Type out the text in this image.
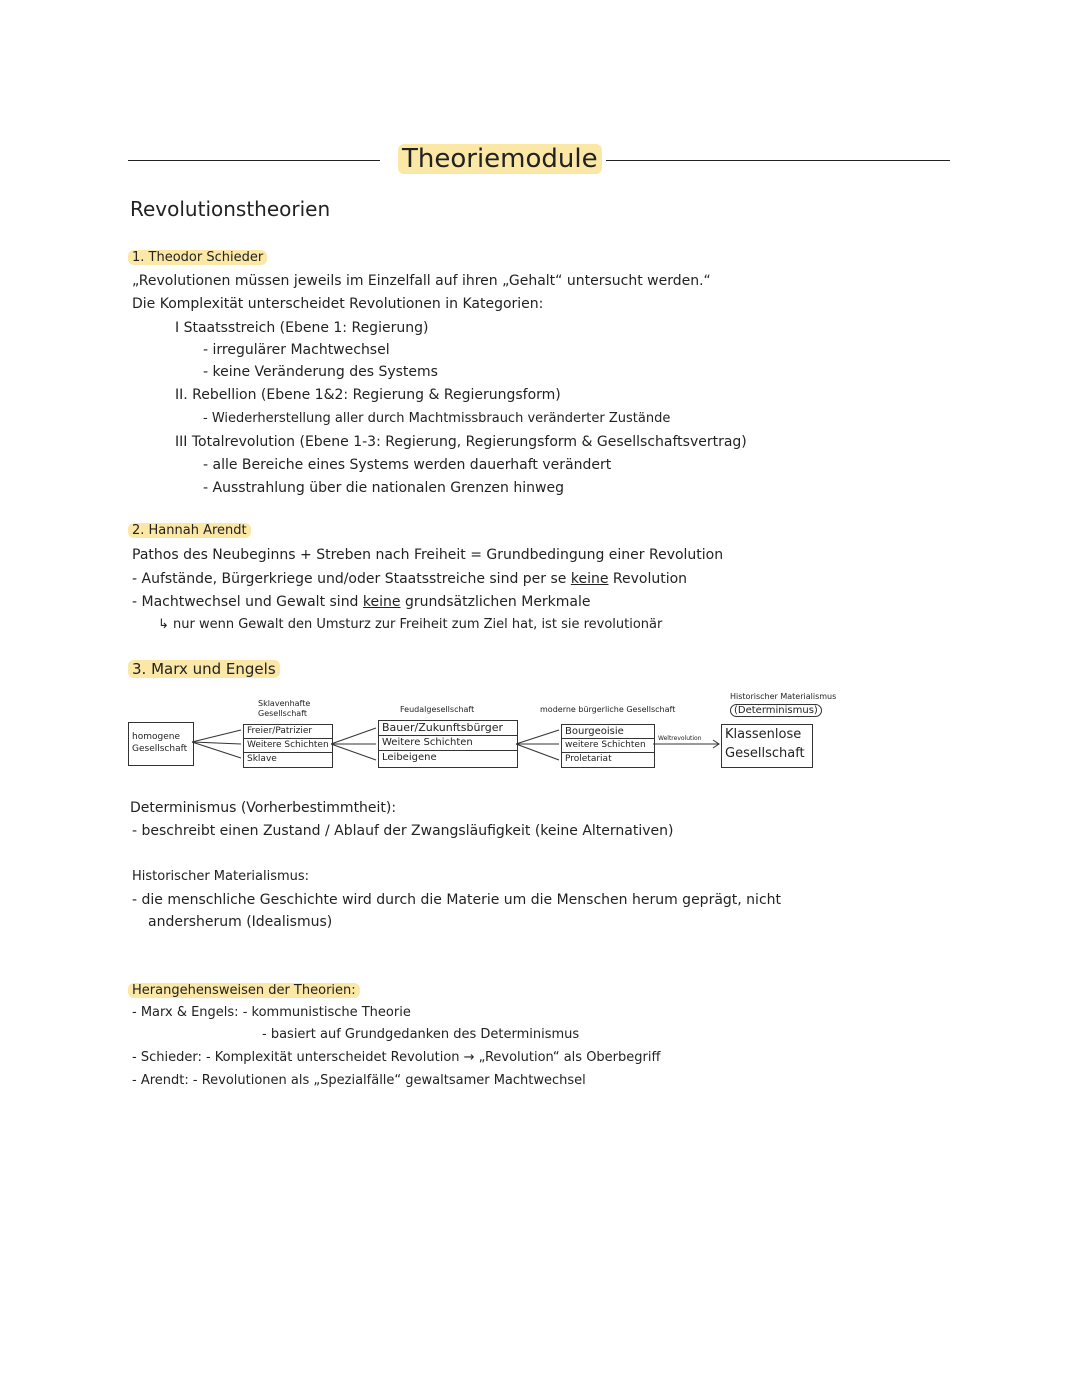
Theoriemodule
Revolutionstheorien
1. Theodor Schieder
„Revolutionen müssen jeweils im Einzelfall auf ihren „Gehalt“ untersucht werden.“
Die Komplexität unterscheidet Revolutionen in Kategorien:
I Staatsstreich (Ebene 1: Regierung)
- irregulärer Machtwechsel
- keine Veränderung des Systems
II. Rebellion (Ebene 1&2: Regierung & Regierungsform)
- Wiederherstellung aller durch Machtmissbrauch veränderter Zustände
III Totalrevolution (Ebene 1-3: Regierung, Regierungsform & Gesellschaftsvertrag)
- alle Bereiche eines Systems werden dauerhaft verändert
- Ausstrahlung über die nationalen Grenzen hinweg
2. Hannah Arendt
Pathos des Neubeginns + Streben nach Freiheit = Grundbedingung einer Revolution
- Aufstände, Bürgerkriege und/oder Staatsstreiche sind per se keine Revolution
- Machtwechsel und Gewalt sind keine grundsätzlichen Merkmale
↳ nur wenn Gewalt den Umsturz zur Freiheit zum Ziel hat, ist sie revolutionär
3. Marx und Engels
homogene
Gesellschaft
Sklavenhafte
Gesellschaft
Freier/Patrizier
Weitere Schichten
Sklave
Feudalgesellschaft
Bauer/Zukunftsbürger
Weitere Schichten
Leibeigene
moderne bürgerliche Gesellschaft
Bourgeoisie
weitere Schichten
Proletariat
Weltrevolution
Historischer Materialismus
(Determinismus)
Klassenlose
Gesellschaft
Determinismus (Vorherbestimmtheit):
- beschreibt einen Zustand / Ablauf der Zwangsläufigkeit (keine Alternativen)
Historischer Materialismus:
- die menschliche Geschichte wird durch die Materie um die Menschen herum geprägt, nicht
andersherum (Idealismus)
Herangehensweisen der Theorien:
- Marx & Engels: - kommunistische Theorie
- basiert auf Grundgedanken des Determinismus
- Schieder: - Komplexität unterscheidet Revolution → „Revolution“ als Oberbegriff
- Arendt: - Revolutionen als „Spezialfälle“ gewaltsamer Machtwechsel
